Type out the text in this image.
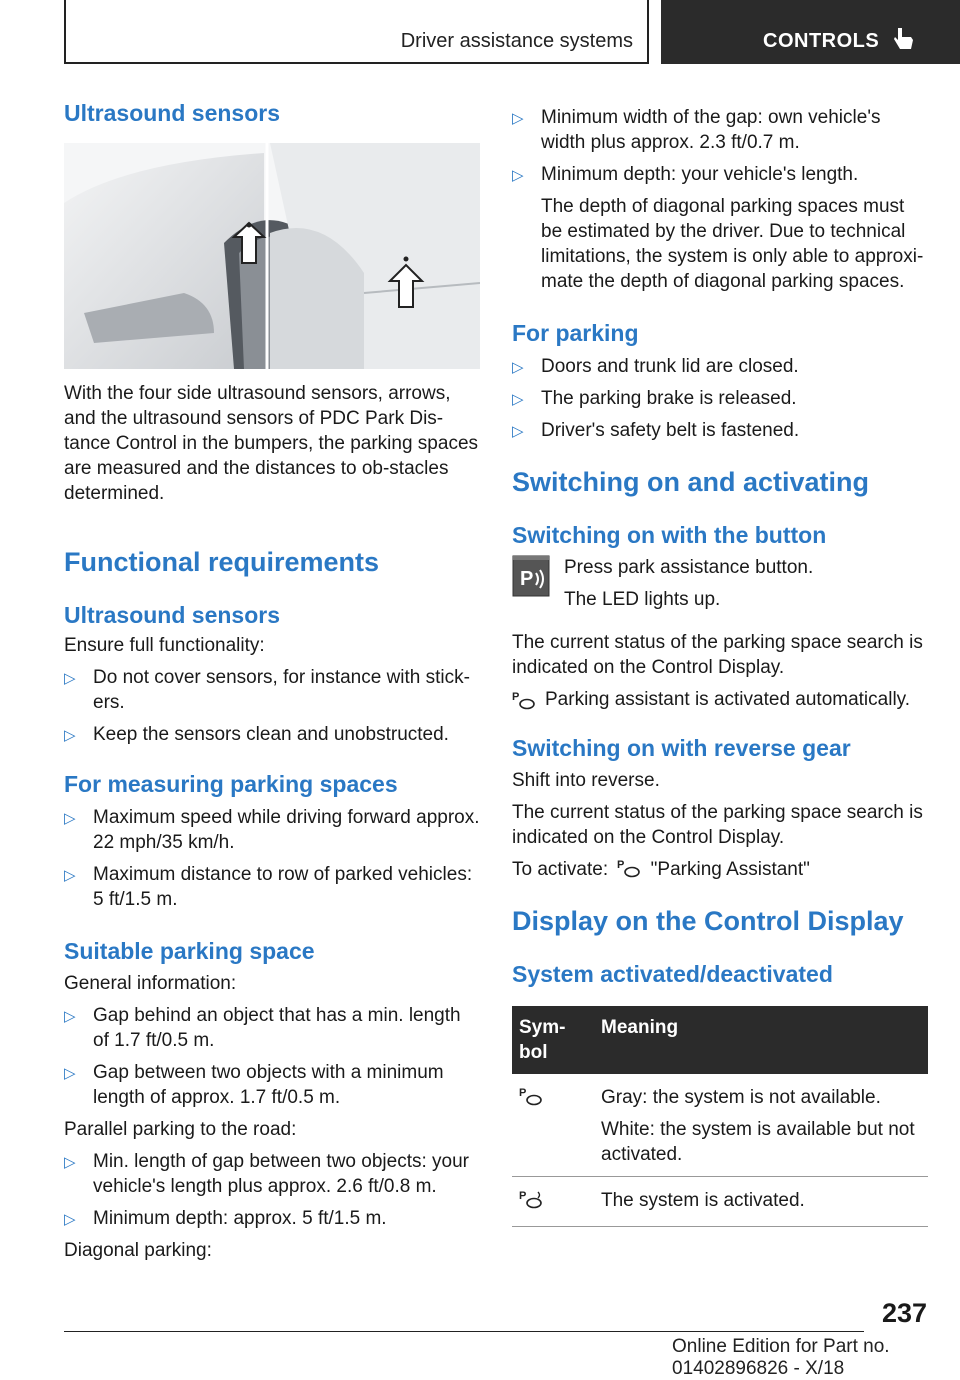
Driver assistance systems	CONTROLS
Ultrasound sensors

With the four side ultrasound sensors, arrows, and the ultrasound sensors of PDC Park Dis-tance Control in the bumpers, the parking spaces are measured and the distances to ob-stacles determined.

Functional requirements
Ultrasound sensors

Ensure full functionality:

▷ Do not cover sensors, for instance with stick-ers.
▷ Keep the sensors clean and unobstructed.
For measuring parking spaces
▷ Maximum speed while driving forward approx. 22 mph/35 km/h.
▷ Maximum distance to row of parked vehicles: 5 ft/1.5 m.
Suitable parking space

General information:

▷ Gap behind an object that has a min. length of 1.7 ft/0.5 m.
▷ Gap between two objects with a minimum length of approx. 1.7 ft/0.5 m.

Parallel parking to the road:

▷ Min. length of gap between two objects: your vehicle's length plus approx. 2.6 ft/0.8 m.
▷ Minimum depth: approx. 5 ft/1.5 m.

Diagonal parking:

▷ Minimum width of the gap: own vehicle's width plus approx. 2.3 ft/0.7 m.
▷ Minimum depth: your vehicle's length.

The depth of diagonal parking spaces must be estimated by the driver. Due to technical limitations, the system is only able to approxi-mate the depth of diagonal parking spaces.

For parking
▷ Doors and trunk lid are closed.
▷ The parking brake is released.
▷ Driver's safety belt is fastened.
Switching on and activating
Switching on with the button
P

Press park assistance button.

The LED lights up.

The current status of the parking space search is indicated on the Control Display.

P Parking assistant is activated automatically.

Switching on with reverse gear

Shift into reverse.

The current status of the parking space search is indicated on the Control Display.

To activate: P "Parking Assistant"

Display on the Control Display
System activated/deactivated
Sym-bol	Meaning

P	Gray: the system is not available.
White: the system is available but not activated.

P	The system is activated.
237
Online Edition for Part no. 01402896826 - X/18
